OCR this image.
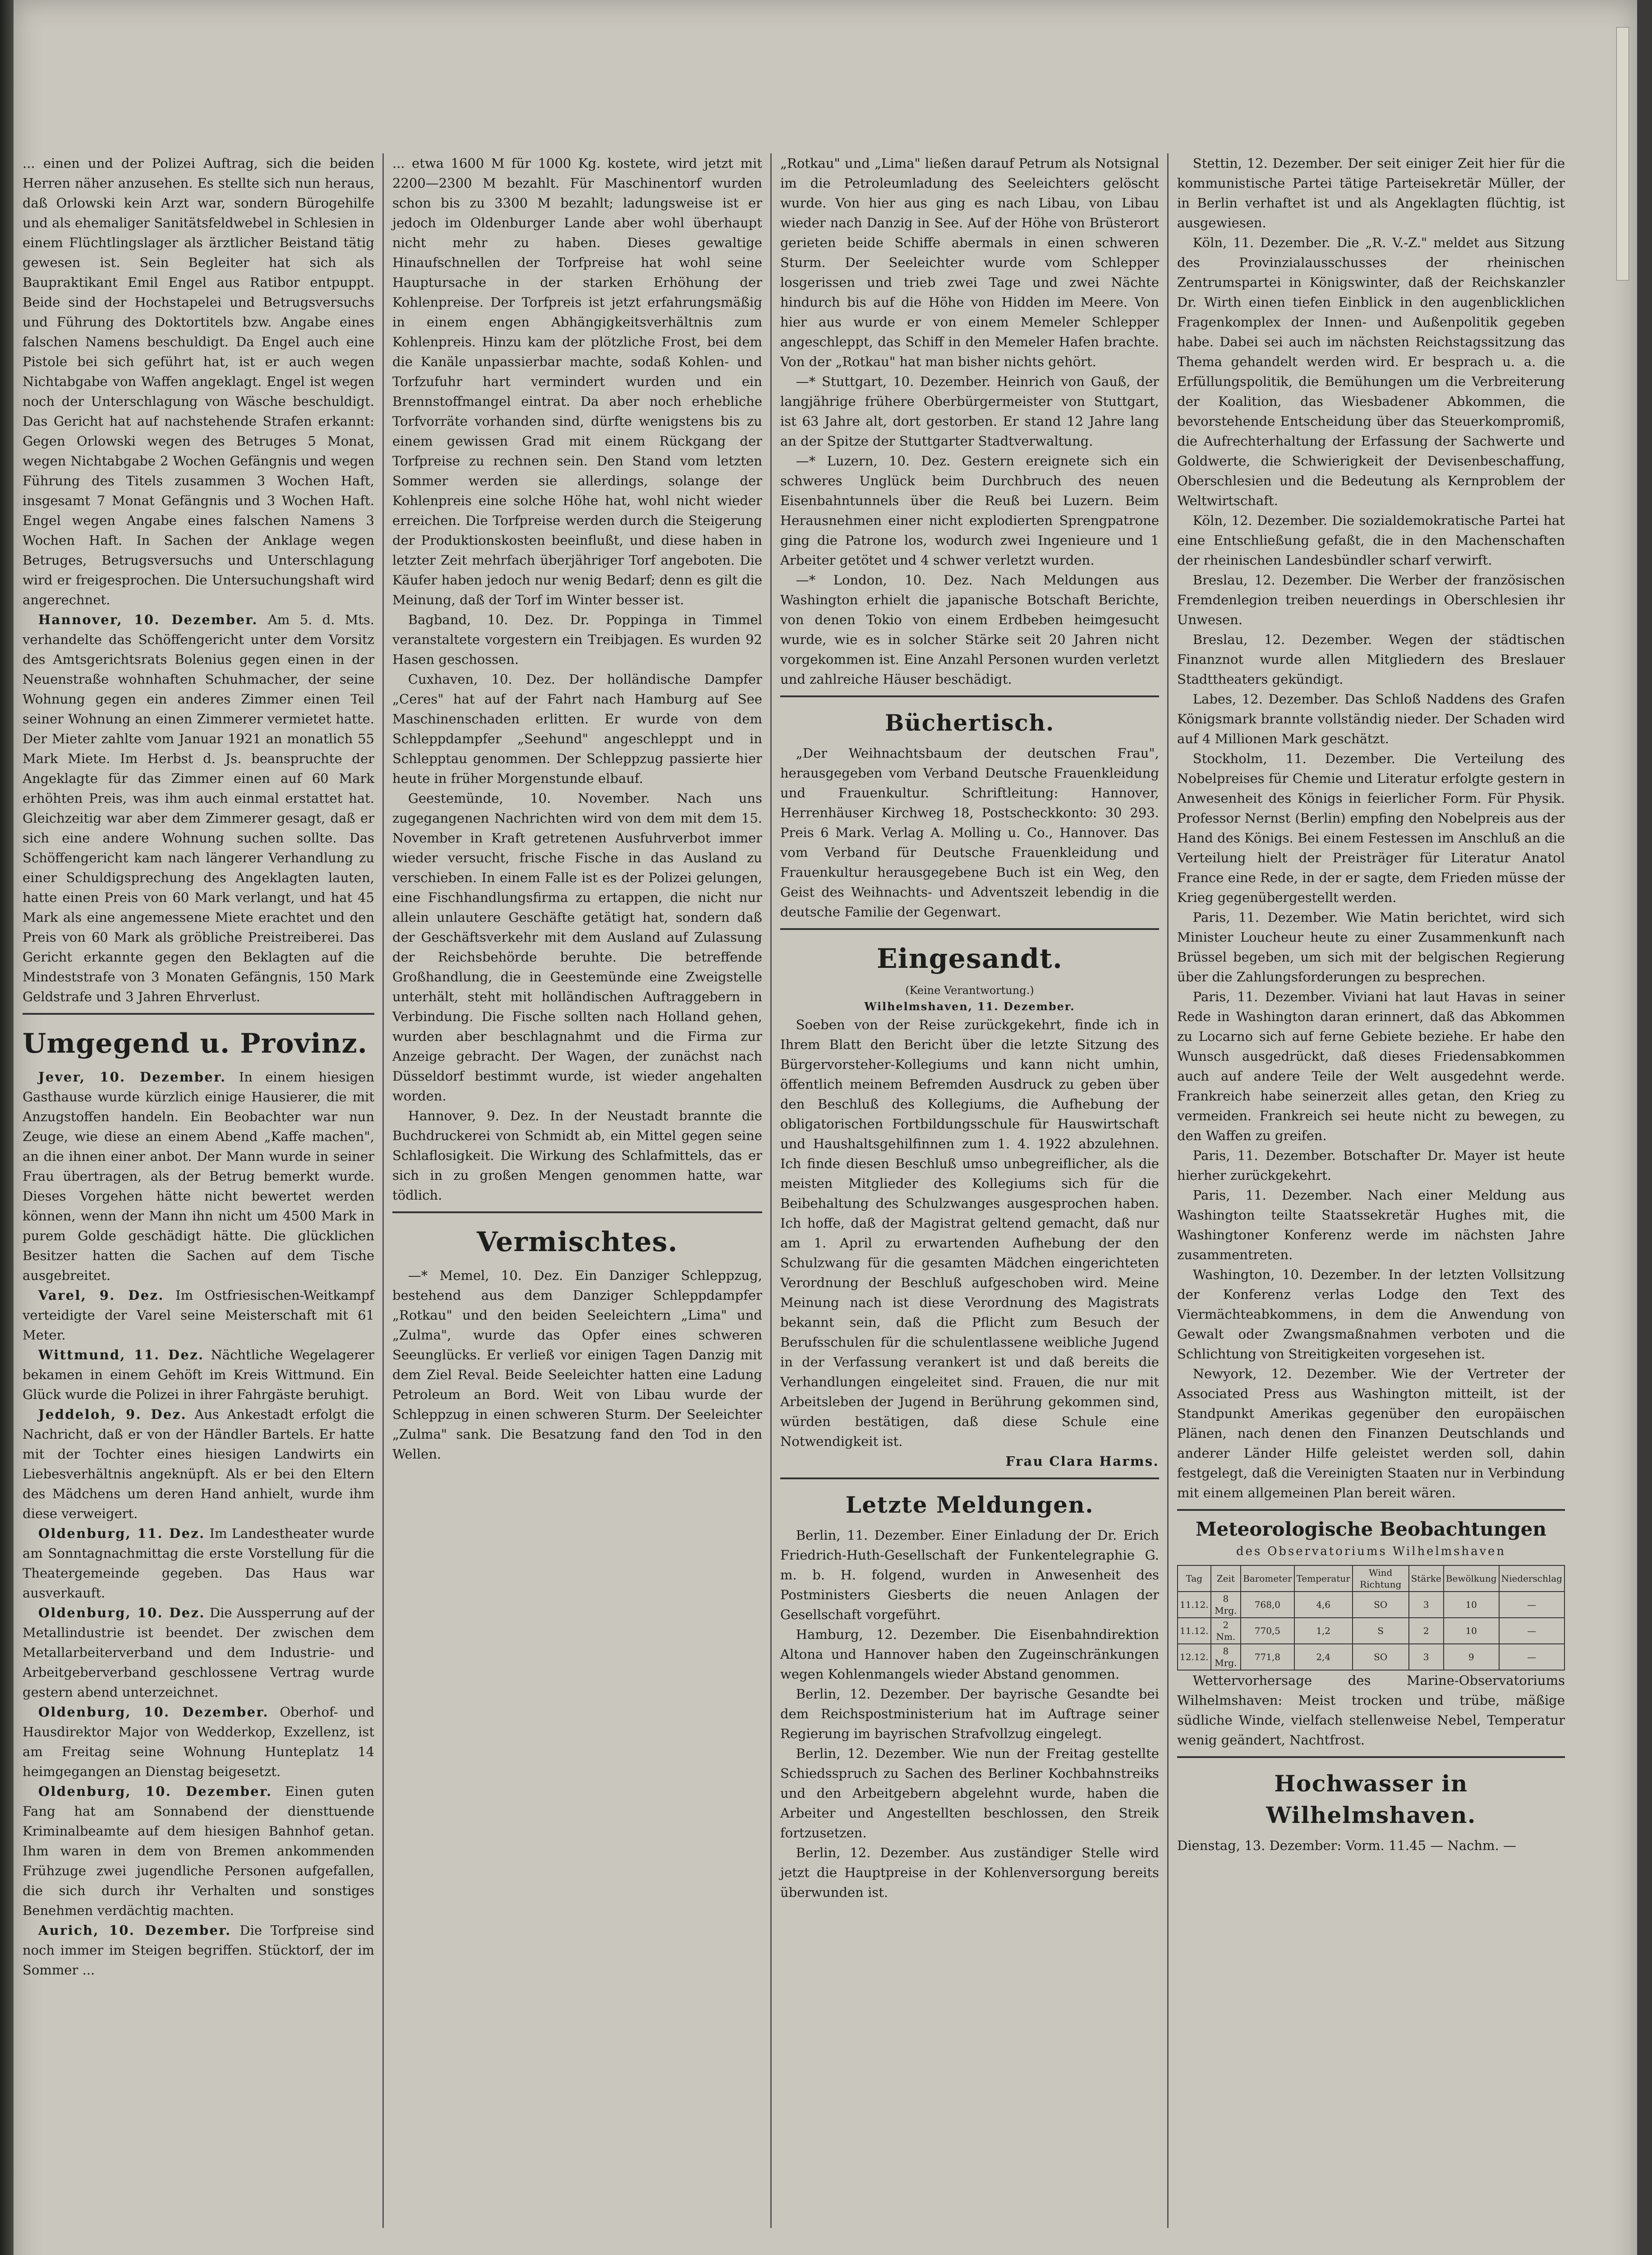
... einen und der Polizei Auftrag, sich die beiden Herren näher anzusehen. Es stellte sich nun heraus, daß Orlowski kein Arzt war, sondern Bürogehilfe und als ehemaliger Sanitätsfeldwebel in Schlesien in einem Flüchtlingslager als ärztlicher Beistand tätig gewesen ist. Sein Begleiter hat sich als Baupraktikant Emil Engel aus Ratibor entpuppt. Beide sind der Hochstapelei und Betrugsversuchs und Führung des Doktortitels bzw. Angabe eines falschen Namens beschuldigt. Da Engel auch eine Pistole bei sich geführt hat, ist er auch wegen Nichtabgabe von Waffen angeklagt. Engel ist wegen noch der Unterschlagung von Wäsche beschuldigt. Das Gericht hat auf nachstehende Strafen erkannt: Gegen Orlowski wegen des Betruges 5 Monat, wegen Nichtabgabe 2 Wochen Gefängnis und wegen Führung des Titels zusammen 3 Wochen Haft, insgesamt 7 Monat Gefängnis und 3 Wochen Haft. Engel wegen Angabe eines falschen Namens 3 Wochen Haft. In Sachen der Anklage wegen Betruges, Betrugsversuchs und Unterschlagung wird er freigesprochen. Die Untersuchungshaft wird angerechnet.

Hannover, 10. Dezember. Am 5. d. Mts. verhandelte das Schöffengericht unter dem Vorsitz des Amtsgerichtsrats Bolenius gegen einen in der Neuenstraße wohnhaften Schuhmacher, der seine Wohnung gegen ein anderes Zimmer einen Teil seiner Wohnung an einen Zimmerer vermietet hatte. Der Mieter zahlte vom Januar 1921 an monatlich 55 Mark Miete. Im Herbst d. Js. beanspruchte der Angeklagte für das Zimmer einen auf 60 Mark erhöhten Preis, was ihm auch einmal erstattet hat. Gleichzeitig war aber dem Zimmerer gesagt, daß er sich eine andere Wohnung suchen sollte. Das Schöffengericht kam nach längerer Verhandlung zu einer Schuldigsprechung des Angeklagten lauten, hatte einen Preis von 60 Mark verlangt, und hat 45 Mark als eine angemessene Miete erachtet und den Preis von 60 Mark als gröbliche Preistreiberei. Das Gericht erkannte gegen den Beklagten auf die Mindeststrafe von 3 Monaten Gefängnis, 150 Mark Geldstrafe und 3 Jahren Ehrverlust.

Umgegend u. Provinz.

Jever, 10. Dezember. In einem hiesigen Gasthause wurde kürzlich einige Hausierer, die mit Anzugstoffen handeln. Ein Beobachter war nun Zeuge, wie diese an einem Abend „Kaffe machen", an die ihnen einer anbot. Der Mann wurde in seiner Frau übertragen, als der Betrug bemerkt wurde. Dieses Vorgehen hätte nicht bewertet werden können, wenn der Mann ihn nicht um 4500 Mark in purem Golde geschädigt hätte. Die glücklichen Besitzer hatten die Sachen auf dem Tische ausgebreitet.

Varel, 9. Dez. Im Ostfriesischen-Weitkampf verteidigte der Varel seine Meisterschaft mit 61 Meter.

Wittmund, 11. Dez. Nächtliche Wegelagerer bekamen in einem Gehöft im Kreis Wittmund. Ein Glück wurde die Polizei in ihrer Fahrgäste beruhigt.

Jeddeloh, 9. Dez. Aus Ankestadt erfolgt die Nachricht, daß er von der Händler Bartels. Er hatte mit der Tochter eines hiesigen Landwirts ein Liebesverhältnis angeknüpft. Als er bei den Eltern des Mädchens um deren Hand anhielt, wurde ihm diese verweigert.

Oldenburg, 11. Dez. Im Landestheater wurde am Sonntagnachmittag die erste Vorstellung für die Theatergemeinde gegeben. Das Haus war ausverkauft.

Oldenburg, 10. Dez. Die Aussperrung auf der Metallindustrie ist beendet. Der zwischen dem Metallarbeiterverband und dem Industrie- und Arbeitgeberverband geschlossene Vertrag wurde gestern abend unterzeichnet.

Oldenburg, 10. Dezember. Oberhof- und Hausdirektor Major von Wedderkop, Exzellenz, ist am Freitag seine Wohnung Hunteplatz 14 heimgegangen an Dienstag beigesetzt.

Oldenburg, 10. Dezember. Einen guten Fang hat am Sonnabend der diensttuende Kriminalbeamte auf dem hiesigen Bahnhof getan. Ihm waren in dem von Bremen ankommenden Frühzuge zwei jugendliche Personen aufgefallen, die sich durch ihr Verhalten und sonstiges Benehmen verdächtig machten.

Aurich, 10. Dezember. Die Torfpreise sind noch immer im Steigen begriffen. Stücktorf, der im Sommer ...

... etwa 1600 M für 1000 Kg. kostete, wird jetzt mit 2200—2300 M bezahlt. Für Maschinentorf wurden schon bis zu 3300 M bezahlt; ladungsweise ist er jedoch im Oldenburger Lande aber wohl überhaupt nicht mehr zu haben. Dieses gewaltige Hinaufschnellen der Torfpreise hat wohl seine Hauptursache in der starken Erhöhung der Kohlenpreise. Der Torfpreis ist jetzt erfahrungsmäßig in einem engen Abhängigkeitsverhältnis zum Kohlenpreis. Hinzu kam der plötzliche Frost, bei dem die Kanäle unpassierbar machte, sodaß Kohlen- und Torfzufuhr hart vermindert wurden und ein Brennstoffmangel eintrat. Da aber noch erhebliche Torfvorräte vorhanden sind, dürfte wenigstens bis zu einem gewissen Grad mit einem Rückgang der Torfpreise zu rechnen sein. Den Stand vom letzten Sommer werden sie allerdings, solange der Kohlenpreis eine solche Höhe hat, wohl nicht wieder erreichen. Die Torfpreise werden durch die Steigerung der Produktionskosten beeinflußt, und diese haben in letzter Zeit mehrfach überjähriger Torf angeboten. Die Käufer haben jedoch nur wenig Bedarf; denn es gilt die Meinung, daß der Torf im Winter besser ist.

Bagband, 10. Dez. Dr. Poppinga in Timmel veranstaltete vorgestern ein Treibjagen. Es wurden 92 Hasen geschossen.

Cuxhaven, 10. Dez. Der holländische Dampfer „Ceres" hat auf der Fahrt nach Hamburg auf See Maschinenschaden erlitten. Er wurde von dem Schleppdampfer „Seehund" angeschleppt und in Schlepptau genommen. Der Schleppzug passierte hier heute in früher Morgenstunde elbauf.

Geestemünde, 10. November. Nach uns zugegangenen Nachrichten wird von dem mit dem 15. November in Kraft getretenen Ausfuhrverbot immer wieder versucht, frische Fische in das Ausland zu verschieben. In einem Falle ist es der Polizei gelungen, eine Fischhandlungsfirma zu ertappen, die nicht nur allein unlautere Geschäfte getätigt hat, sondern daß der Geschäftsverkehr mit dem Ausland auf Zulassung der Reichsbehörde beruhte. Die betreffende Großhandlung, die in Geestemünde eine Zweigstelle unterhält, steht mit holländischen Auftraggebern in Verbindung. Die Fische sollten nach Holland gehen, wurden aber beschlagnahmt und die Firma zur Anzeige gebracht. Der Wagen, der zunächst nach Düsseldorf bestimmt wurde, ist wieder angehalten worden.

Hannover, 9. Dez. In der Neustadt brannte die Buchdruckerei von Schmidt ab, ein Mittel gegen seine Schlaflosigkeit. Die Wirkung des Schlafmittels, das er sich in zu großen Mengen genommen hatte, war tödlich.

Vermischtes.

—* Memel, 10. Dez. Ein Danziger Schleppzug, bestehend aus dem Danziger Schleppdampfer „Rotkau" und den beiden Seeleichtern „Lima" und „Zulma", wurde das Opfer eines schweren Seeunglücks. Er verließ vor einigen Tagen Danzig mit dem Ziel Reval. Beide Seeleichter hatten eine Ladung Petroleum an Bord. Weit von Libau wurde der Schleppzug in einen schweren Sturm. Der Seeleichter „Zulma" sank. Die Besatzung fand den Tod in den Wellen.

„Rotkau" und „Lima" ließen darauf Petrum als Notsignal im die Petroleumladung des Seeleichters gelöscht wurde. Von hier aus ging es nach Libau, von Libau wieder nach Danzig in See. Auf der Höhe von Brüsterort gerieten beide Schiffe abermals in einen schweren Sturm. Der Seeleichter wurde vom Schlepper losgerissen und trieb zwei Tage und zwei Nächte hindurch bis auf die Höhe von Hidden im Meere. Von hier aus wurde er von einem Memeler Schlepper angeschleppt, das Schiff in den Memeler Hafen brachte. Von der „Rotkau" hat man bisher nichts gehört.

—* Stuttgart, 10. Dezember. Heinrich von Gauß, der langjährige frühere Oberbürgermeister von Stuttgart, ist 63 Jahre alt, dort gestorben. Er stand 12 Jahre lang an der Spitze der Stuttgarter Stadtverwaltung.

—* Luzern, 10. Dez. Gestern ereignete sich ein schweres Unglück beim Durchbruch des neuen Eisenbahntunnels über die Reuß bei Luzern. Beim Herausnehmen einer nicht explodierten Sprengpatrone ging die Patrone los, wodurch zwei Ingenieure und 1 Arbeiter getötet und 4 schwer verletzt wurden.

—* London, 10. Dez. Nach Meldungen aus Washington erhielt die japanische Botschaft Berichte, von denen Tokio von einem Erdbeben heimgesucht wurde, wie es in solcher Stärke seit 20 Jahren nicht vorgekommen ist. Eine Anzahl Personen wurden verletzt und zahlreiche Häuser beschädigt.

Büchertisch.

„Der Weihnachtsbaum der deutschen Frau", herausgegeben vom Verband Deutsche Frauenkleidung und Frauenkultur. Schriftleitung: Hannover, Herrenhäuser Kirchweg 18, Postscheckkonto: 30 293. Preis 6 Mark. Verlag A. Molling u. Co., Hannover. Das vom Verband für Deutsche Frauenkleidung und Frauenkultur herausgegebene Buch ist ein Weg, den Geist des Weihnachts- und Adventszeit lebendig in die deutsche Familie der Gegenwart.

Eingesandt.
(Keine Verantwortung.)
Wilhelmshaven, 11. Dezember.

Soeben von der Reise zurückgekehrt, finde ich in Ihrem Blatt den Bericht über die letzte Sitzung des Bürgervorsteher-Kollegiums und kann nicht umhin, öffentlich meinem Befremden Ausdruck zu geben über den Beschluß des Kollegiums, die Aufhebung der obligatorischen Fortbildungsschule für Hauswirtschaft und Haushaltsgehilfinnen zum 1. 4. 1922 abzulehnen. Ich finde diesen Beschluß umso unbegreiflicher, als die meisten Mitglieder des Kollegiums sich für die Beibehaltung des Schulzwanges ausgesprochen haben. Ich hoffe, daß der Magistrat geltend gemacht, daß nur am 1. April zu erwartenden Aufhebung der den Schulzwang für die gesamten Mädchen eingerichteten Verordnung der Beschluß aufgeschoben wird. Meine Meinung nach ist diese Verordnung des Magistrats bekannt sein, daß die Pflicht zum Besuch der Berufsschulen für die schulentlassene weibliche Jugend in der Verfassung verankert ist und daß bereits die Verhandlungen eingeleitet sind. Frauen, die nur mit Arbeitsleben der Jugend in Berührung gekommen sind, würden bestätigen, daß diese Schule eine Notwendigkeit ist.

Frau Clara Harms.
Letzte Meldungen.

Berlin, 11. Dezember. Einer Einladung der Dr. Erich Friedrich-Huth-Gesellschaft der Funkentelegraphie G. m. b. H. folgend, wurden in Anwesenheit des Postministers Giesberts die neuen Anlagen der Gesellschaft vorgeführt.

Hamburg, 12. Dezember. Die Eisenbahndirektion Altona und Hannover haben den Zugeinschränkungen wegen Kohlenmangels wieder Abstand genommen.

Berlin, 12. Dezember. Der bayrische Gesandte bei dem Reichspostministerium hat im Auftrage seiner Regierung im bayrischen Strafvollzug eingelegt.

Berlin, 12. Dezember. Wie nun der Freitag gestellte Schiedsspruch zu Sachen des Berliner Kochbahnstreiks und den Arbeitgebern abgelehnt wurde, haben die Arbeiter und Angestellten beschlossen, den Streik fortzusetzen.

Berlin, 12. Dezember. Aus zuständiger Stelle wird jetzt die Hauptpreise in der Kohlenversorgung bereits überwunden ist.

Stettin, 12. Dezember. Der seit einiger Zeit hier für die kommunistische Partei tätige Parteisekretär Müller, der in Berlin verhaftet ist und als Angeklagten flüchtig, ist ausgewiesen.

Köln, 11. Dezember. Die „R. V.-Z." meldet aus Sitzung des Provinzialausschusses der rheinischen Zentrumspartei in Königswinter, daß der Reichskanzler Dr. Wirth einen tiefen Einblick in den augenblicklichen Fragenkomplex der Innen- und Außenpolitik gegeben habe. Dabei sei auch im nächsten Reichstagssitzung das Thema gehandelt werden wird. Er besprach u. a. die Erfüllungspolitik, die Bemühungen um die Verbreiterung der Koalition, das Wiesbadener Abkommen, die bevorstehende Entscheidung über das Steuerkompromiß, die Aufrechterhaltung der Erfassung der Sachwerte und Goldwerte, die Schwierigkeit der Devisenbeschaffung, Oberschlesien und die Bedeutung als Kernproblem der Weltwirtschaft.

Köln, 12. Dezember. Die sozialdemokratische Partei hat eine Entschließung gefaßt, die in den Machenschaften der rheinischen Landesbündler scharf verwirft.

Breslau, 12. Dezember. Die Werber der französischen Fremdenlegion treiben neuerdings in Oberschlesien ihr Unwesen.

Breslau, 12. Dezember. Wegen der städtischen Finanznot wurde allen Mitgliedern des Breslauer Stadttheaters gekündigt.

Labes, 12. Dezember. Das Schloß Naddens des Grafen Königsmark brannte vollständig nieder. Der Schaden wird auf 4 Millionen Mark geschätzt.

Stockholm, 11. Dezember. Die Verteilung des Nobelpreises für Chemie und Literatur erfolgte gestern in Anwesenheit des Königs in feierlicher Form. Für Physik. Professor Nernst (Berlin) empfing den Nobelpreis aus der Hand des Königs. Bei einem Festessen im Anschluß an die Verteilung hielt der Preisträger für Literatur Anatol France eine Rede, in der er sagte, dem Frieden müsse der Krieg gegenübergestellt werden.

Paris, 11. Dezember. Wie Matin berichtet, wird sich Minister Loucheur heute zu einer Zusammenkunft nach Brüssel begeben, um sich mit der belgischen Regierung über die Zahlungsforderungen zu besprechen.

Paris, 11. Dezember. Viviani hat laut Havas in seiner Rede in Washington daran erinnert, daß das Abkommen zu Locarno sich auf ferne Gebiete beziehe. Er habe den Wunsch ausgedrückt, daß dieses Friedensabkommen auch auf andere Teile der Welt ausgedehnt werde. Frankreich habe seinerzeit alles getan, den Krieg zu vermeiden. Frankreich sei heute nicht zu bewegen, zu den Waffen zu greifen.

Paris, 11. Dezember. Botschafter Dr. Mayer ist heute hierher zurückgekehrt.

Paris, 11. Dezember. Nach einer Meldung aus Washington teilte Staatssekretär Hughes mit, die Washingtoner Konferenz werde im nächsten Jahre zusammentreten.

Washington, 10. Dezember. In der letzten Vollsitzung der Konferenz verlas Lodge den Text des Viermächteabkommens, in dem die Anwendung von Gewalt oder Zwangsmaßnahmen verboten und die Schlichtung von Streitigkeiten vorgesehen ist.

Newyork, 12. Dezember. Wie der Vertreter der Associated Press aus Washington mitteilt, ist der Standpunkt Amerikas gegenüber den europäischen Plänen, nach denen den Finanzen Deutschlands und anderer Länder Hilfe geleistet werden soll, dahin festgelegt, daß die Vereinigten Staaten nur in Verbindung mit einem allgemeinen Plan bereit wären.

Meteorologische Beobachtungen
des Observatoriums Wilhelmshaven
Tag	Zeit	Barometer	Temperatur	Wind Richtung	Stärke	Bewölkung	Niederschlag
11.12.	8 Mrg.	768,0	4,6	SO	3	10	—
11.12.	2 Nm.	770,5	1,2	S	2	10	—
12.12.	8 Mrg.	771,8	2,4	SO	3	9	—

Wettervorhersage des Marine-Observatoriums Wilhelmshaven: Meist trocken und trübe, mäßige südliche Winde, vielfach stellenweise Nebel, Temperatur wenig geändert, Nachtfrost.

Hochwasser in Wilhelmshaven.

Dienstag, 13. Dezember: Vorm. 11.45 — Nachm. —
